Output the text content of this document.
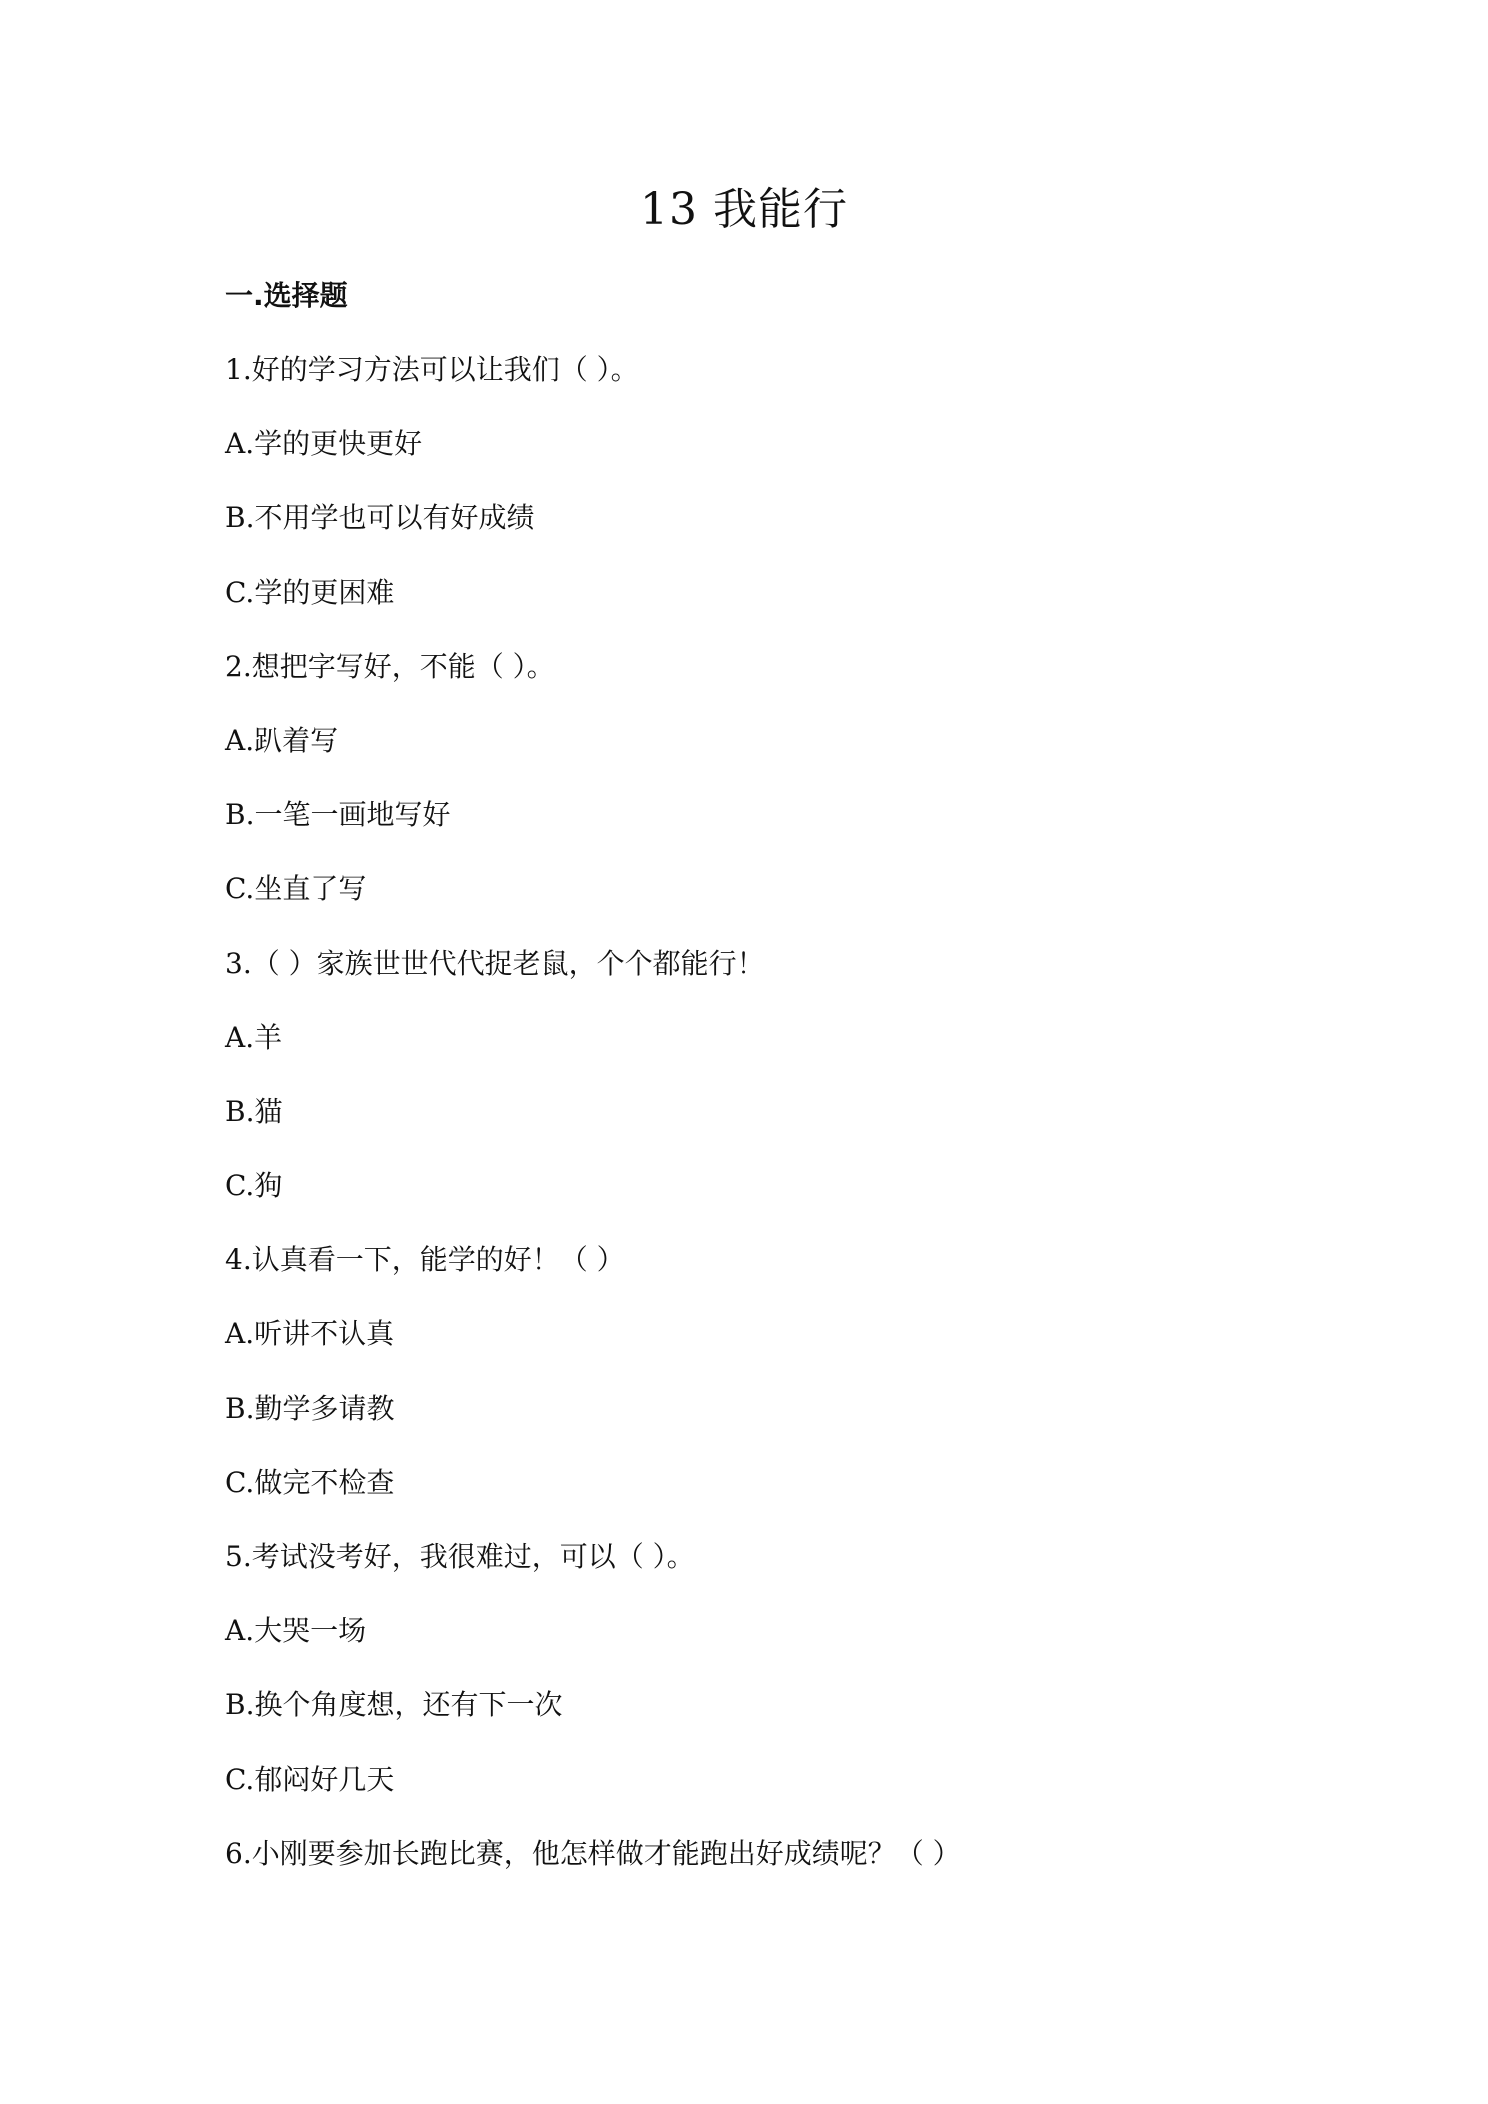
13 我能行
一.选择题
1.好的学习方法可以让我们（ ）。
A.学的更快更好
B.不用学也可以有好成绩
C.学的更困难
2.想把字写好，不能（ ）。
A.趴着写
B.一笔一画地写好
C.坐直了写
3.（ ）家族世世代代捉老鼠，个个都能行！
A.羊
B.猫
C.狗
4.认真看一下，能学的好！（ ）
A.听讲不认真
B.勤学多请教
C.做完不检查
5.考试没考好，我很难过，可以（ ）。
A.大哭一场
B.换个角度想，还有下一次
C.郁闷好几天
6.小刚要参加长跑比赛，他怎样做才能跑出好成绩呢？（ ）
